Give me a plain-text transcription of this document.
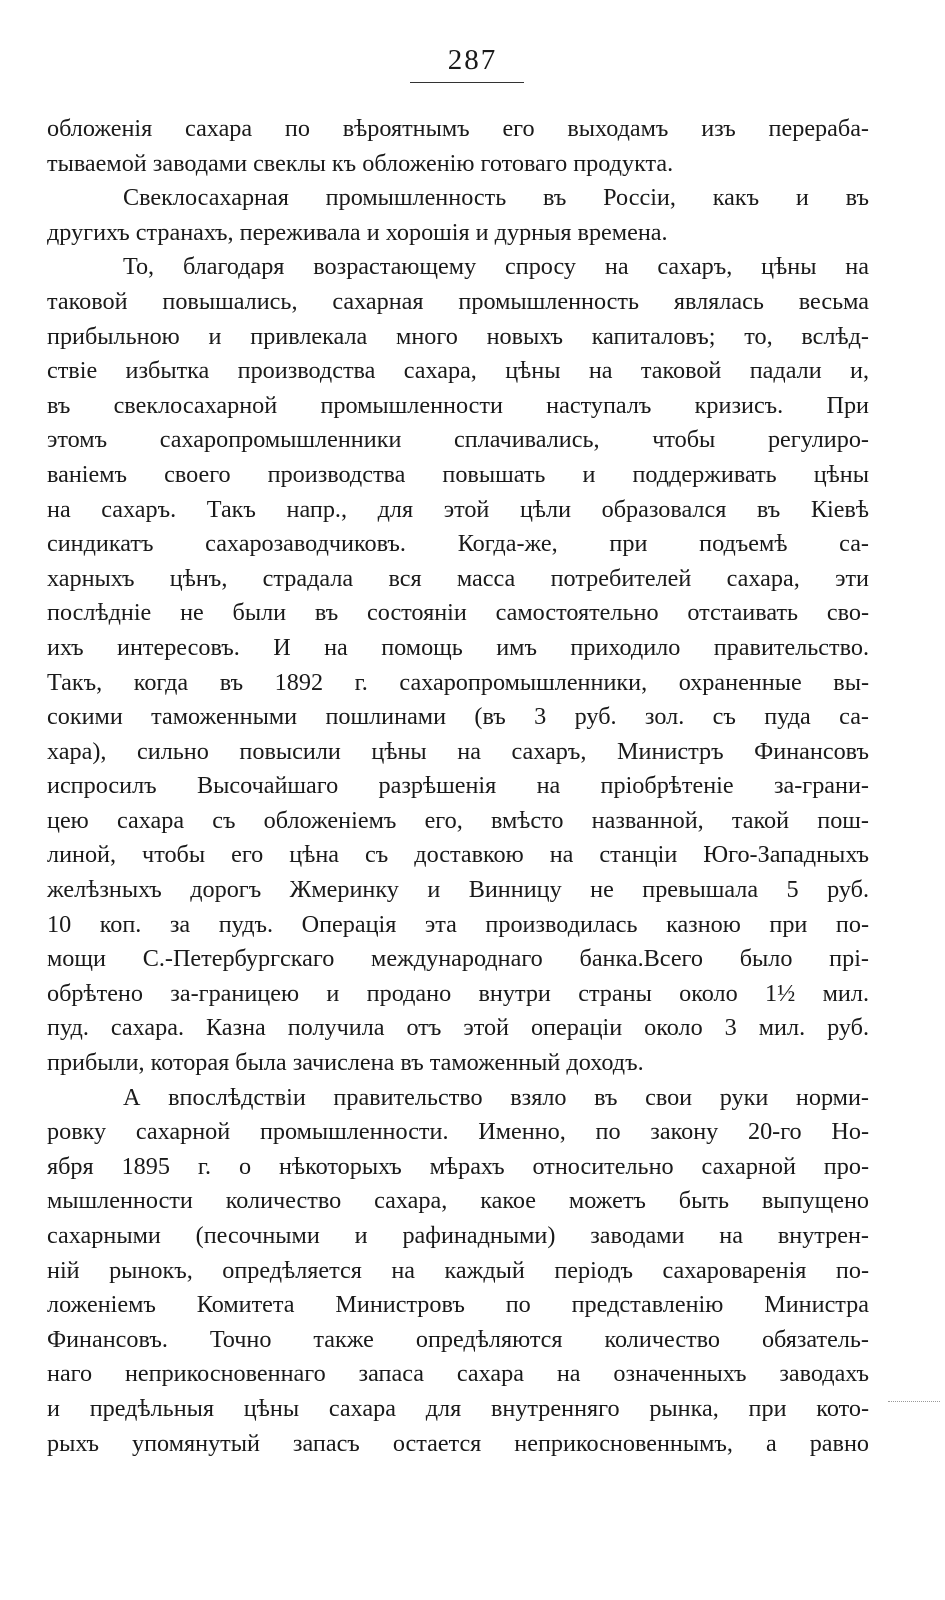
287
обложенія сахара по вѣроятнымъ его выходамъ изъ перераба-
тываемой заводами свеклы къ обложенію готоваго продукта.
Свеклосахарная промышленность въ Россіи, какъ и въ
другихъ странахъ, переживала и хорошія и дурныя времена.
То, благодаря возрастающему спросу на сахаръ, цѣны на
таковой повышались, сахарная промышленность являлась весьма
прибыльною и привлекала много новыхъ капиталовъ; то, вслѣд-
ствіе избытка производства сахара, цѣны на таковой падали и,
въ свеклосахарной промышленности наступалъ кризисъ. При
этомъ сахаропромышленники сплачивались, чтобы регулиро-
ваніемъ своего производства повышать и поддерживать цѣны
на сахаръ. Такъ напр., для этой цѣли образовался въ Кіевѣ
синдикатъ сахарозаводчиковъ. Когда-же, при подъемѣ са-
харныхъ цѣнъ, страдала вся масса потребителей сахара, эти
послѣдніе не были въ состояніи самостоятельно отстаивать сво-
ихъ интересовъ. И на помощь имъ приходило правительство.
Такъ, когда въ 1892 г. сахаропромышленники, охраненные вы-
сокими таможенными пошлинами (въ 3 руб. зол. съ пуда са-
хара), сильно повысили цѣны на сахаръ, Министръ Финансовъ
испросилъ Высочайшаго разрѣшенія на пріобрѣтеніе за-грани-
цею сахара съ обложеніемъ его, вмѣсто названной, такой пош-
линой, чтобы его цѣна съ доставкою на станціи Юго-Западныхъ
желѣзныхъ дорогъ Жмеринку и Винницу не превышала 5 руб.
10 коп. за пудъ. Операція эта производилась казною при по-
мощи С.-Петербургскаго международнаго банка.Всего было прі-
обрѣтено за-границею и продано внутри страны около 1½ мил.
пуд. сахара. Казна получила отъ этой операціи около 3 мил. руб.
прибыли, которая была зачислена въ таможенный доходъ.
А впослѣдствіи правительство взяло въ свои руки норми-
ровку сахарной промышленности. Именно, по закону 20-го Но-
ября 1895 г. о нѣкоторыхъ мѣрахъ относительно сахарной про-
мышленности количество сахара, какое можетъ быть выпущено
сахарными (песочными и рафинадными) заводами на внутрен-
ній рынокъ, опредѣляется на каждый періодъ сахароваренія по-
ложеніемъ Комитета Министровъ по представленію Министра
Финансовъ. Точно также опредѣляются количество обязатель-
наго неприкосновеннаго запаса сахара на означенныхъ заводахъ
и предѣльныя цѣны сахара для внутренняго рынка, при кото-
рыхъ упомянутый запасъ остается неприкосновеннымъ, а равно
